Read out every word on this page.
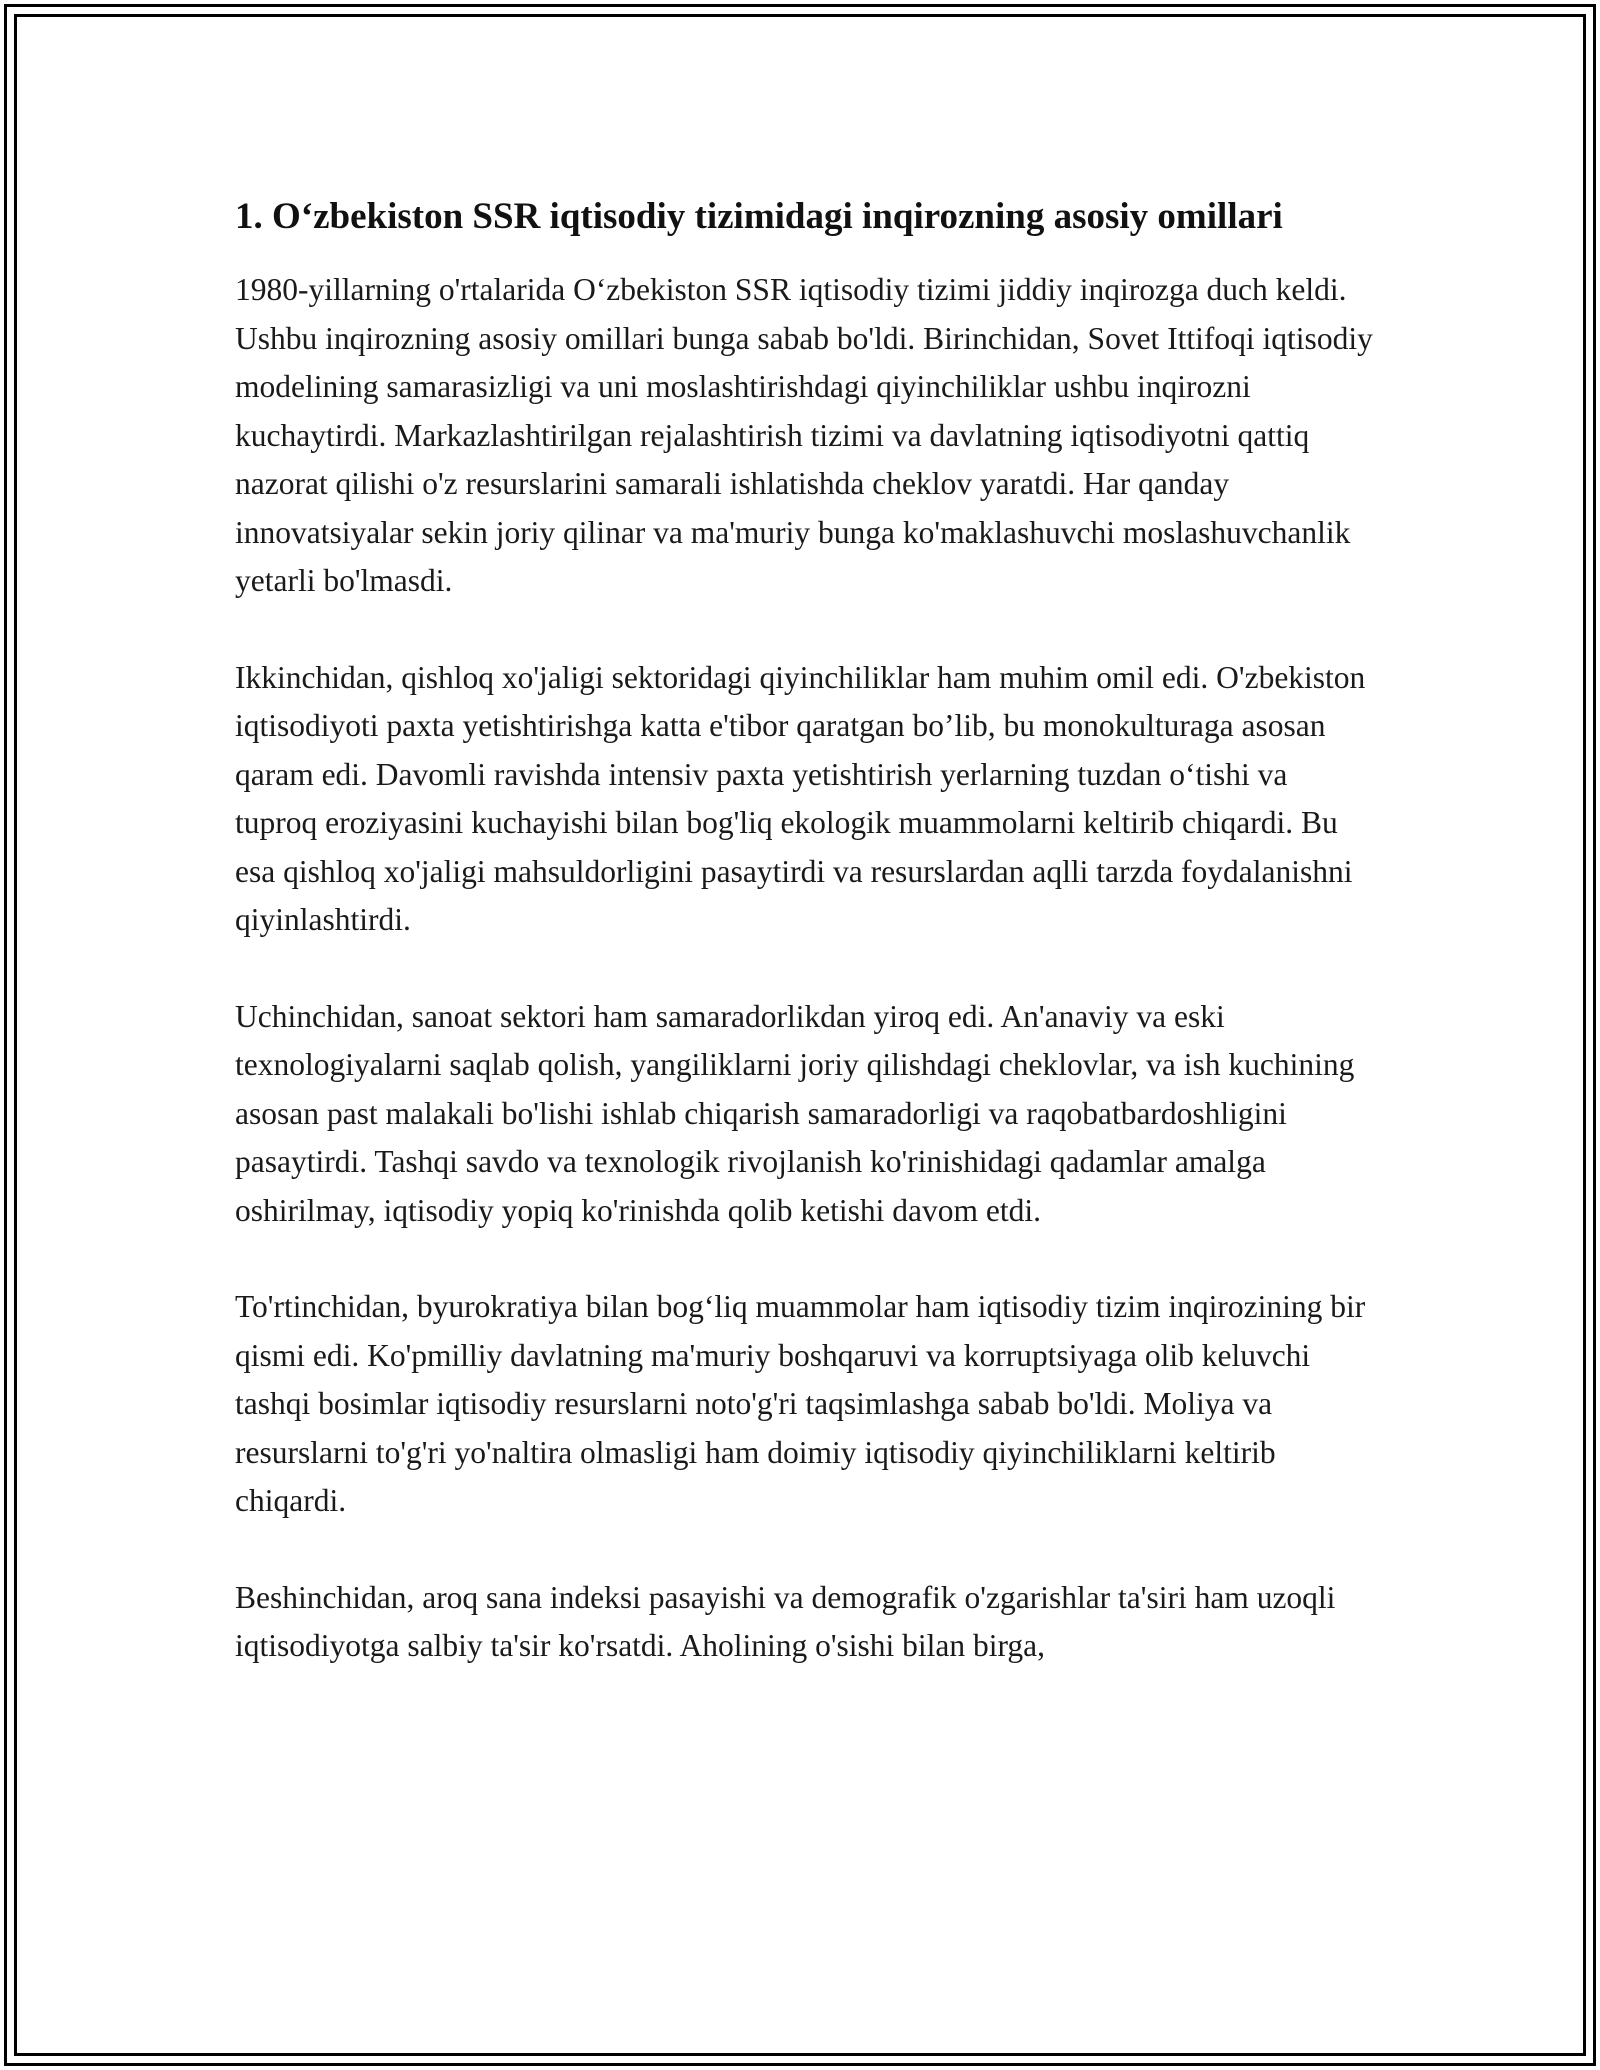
1. O‘zbekiston SSR iqtisodiy tizimidagi inqirozning asosiy omillari

1980-yillarning o'rtalarida O‘zbekiston SSR iqtisodiy tizimi jiddiy inqirozga duch keldi. Ushbu inqirozning asosiy omillari bunga sabab bo'ldi. Birinchidan, Sovet Ittifoqi iqtisodiy modelining samarasizligi va uni moslashtirishdagi qiyinchiliklar ushbu inqirozni kuchaytirdi. Markazlashtirilgan rejalashtirish tizimi va davlatning iqtisodiyotni qattiq nazorat qilishi o'z resurslarini samarali ishlatishda cheklov yaratdi. Har qanday innovatsiyalar sekin joriy qilinar va ma'muriy bunga ko'maklashuvchi moslashuvchanlik yetarli bo'lmasdi.

Ikkinchidan, qishloq xo'jaligi sektoridagi qiyinchiliklar ham muhim omil edi. O'zbekiston iqtisodiyoti paxta yetishtirishga katta e'tibor qaratgan bo’lib, bu monokulturaga asosan qaram edi. Davomli ravishda intensiv paxta yetishtirish yerlarning tuzdan o‘tishi va tuproq eroziyasini kuchayishi bilan bog'liq ekologik muammolarni keltirib chiqardi. Bu esa qishloq xo'jaligi mahsuldorligini pasaytirdi va resurslardan aqlli tarzda foydalanishni qiyinlashtirdi.

Uchinchidan, sanoat sektori ham samaradorlikdan yiroq edi. An'anaviy va eski texnologiyalarni saqlab qolish, yangiliklarni joriy qilishdagi cheklovlar, va ish kuchining asosan past malakali bo'lishi ishlab chiqarish samaradorligi va raqobatbardoshligini pasaytirdi. Tashqi savdo va texnologik rivojlanish ko'rinishidagi qadamlar amalga oshirilmay, iqtisodiy yopiq ko'rinishda qolib ketishi davom etdi.

To'rtinchidan, byurokratiya bilan bog‘liq muammolar ham iqtisodiy tizim inqirozining bir qismi edi. Ko'pmilliy davlatning ma'muriy boshqaruvi va korruptsiyaga olib keluvchi tashqi bosimlar iqtisodiy resurslarni noto'g'ri taqsimlashga sabab bo'ldi. Moliya va resurslarni to'g'ri yo'naltira olmasligi ham doimiy iqtisodiy qiyinchiliklarni keltirib chiqardi.

Beshinchidan, aroq sana indeksi pasayishi va demografik o'zgarishlar ta'siri ham uzoqli iqtisodiyotga salbiy ta'sir ko'rsatdi. Aholining o'sishi bilan birga,
